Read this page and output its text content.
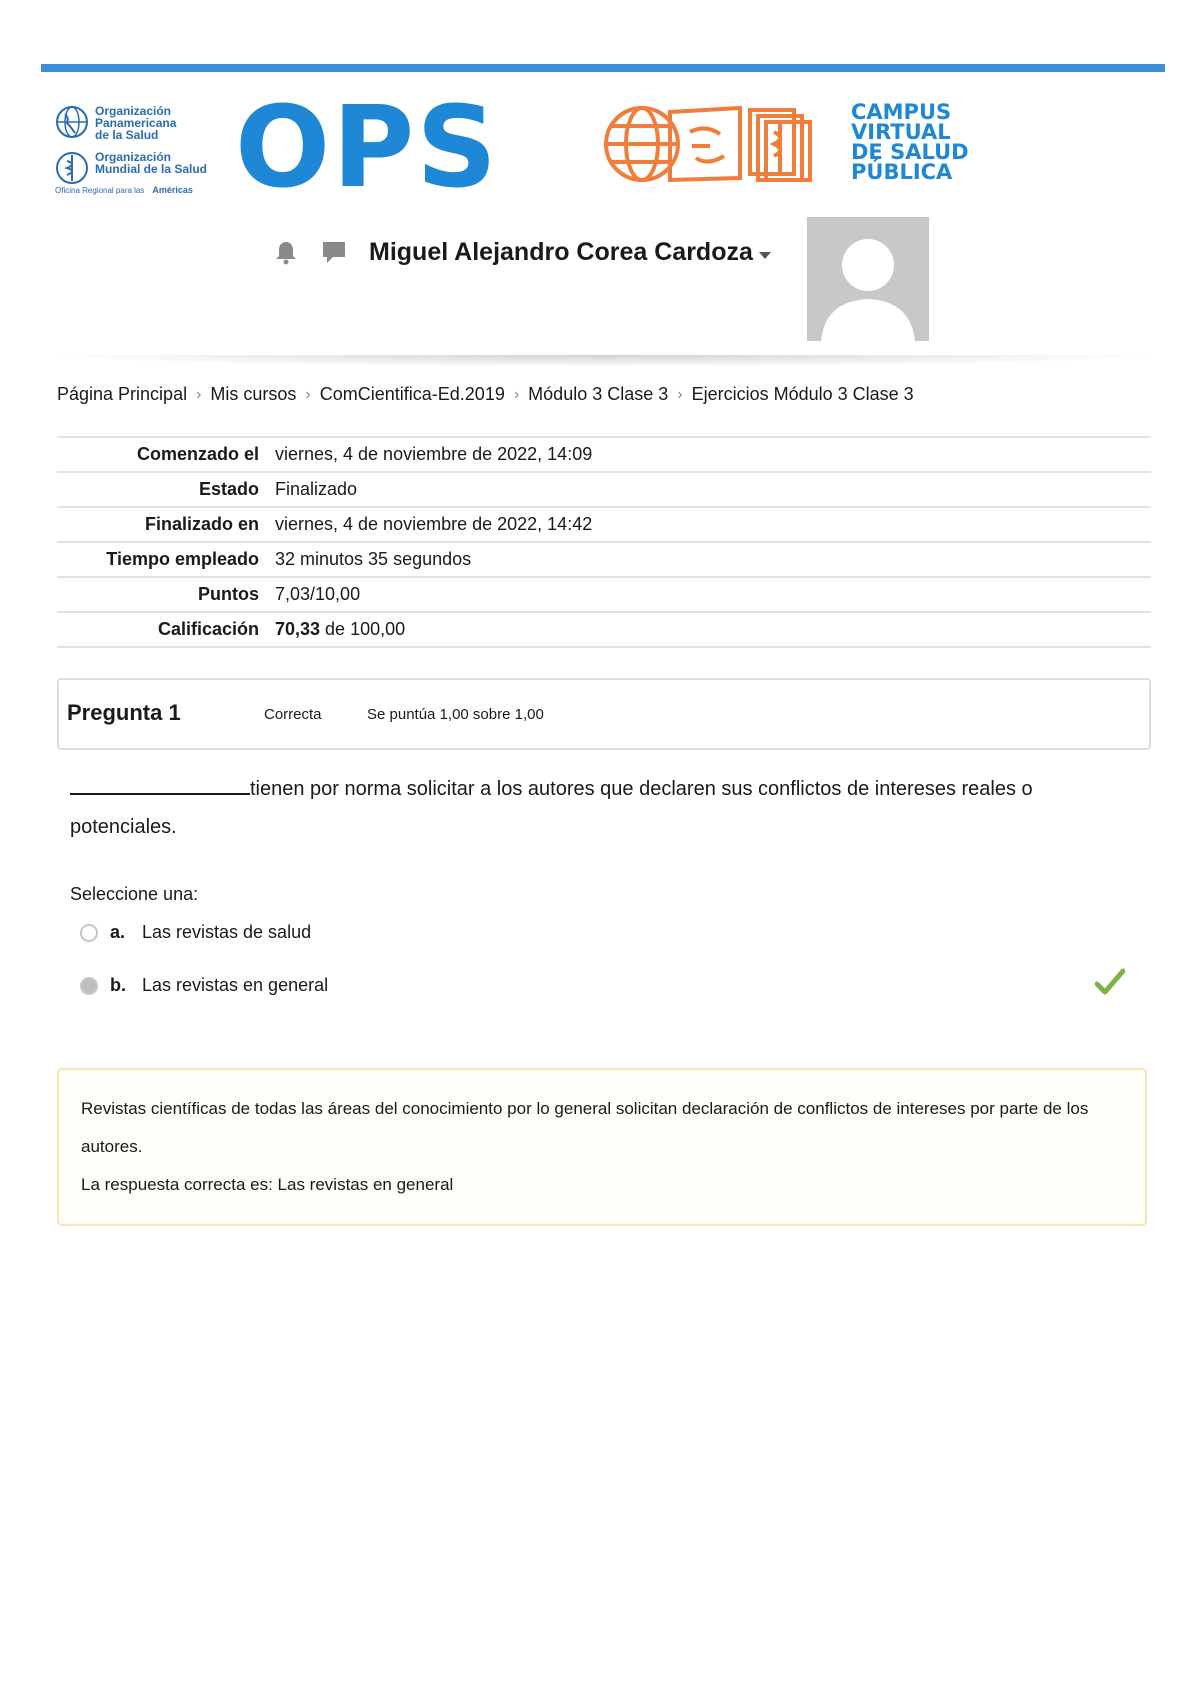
Organización
Panamericana
de la Salud
Organización
Mundial de la Salud
Oficina Regional para las Américas OPS	CAMPUS
VIRTUAL
DE SALUD
PÚBLICA
Miguel Alejandro Corea Cardoza
Página Principal › Mis cursos › ComCientifica-Ed.2019 › Módulo 3 Clase 3 › Ejercicios Módulo 3 Clase 3
Comenzado el	viernes, 4 de noviembre de 2022, 14:09
Estado	Finalizado
Finalizado en	viernes, 4 de noviembre de 2022, 14:42
Tiempo empleado	32 minutos 35 segundos
Puntos	7,03/10,00
Calificación	70,33 de 100,00
Pregunta 1	Correcta	Se puntúa 1,00 sobre 1,00
tienen por norma solicitar a los autores que declaren sus conflictos de intereses reales o potenciales.
Seleccione una:
a. Las revistas de salud
b. Las revistas en general
Revistas científicas de todas las áreas del conocimiento por lo general solicitan declaración de conflictos de intereses por parte de los autores.
La respuesta correcta es: Las revistas en general
